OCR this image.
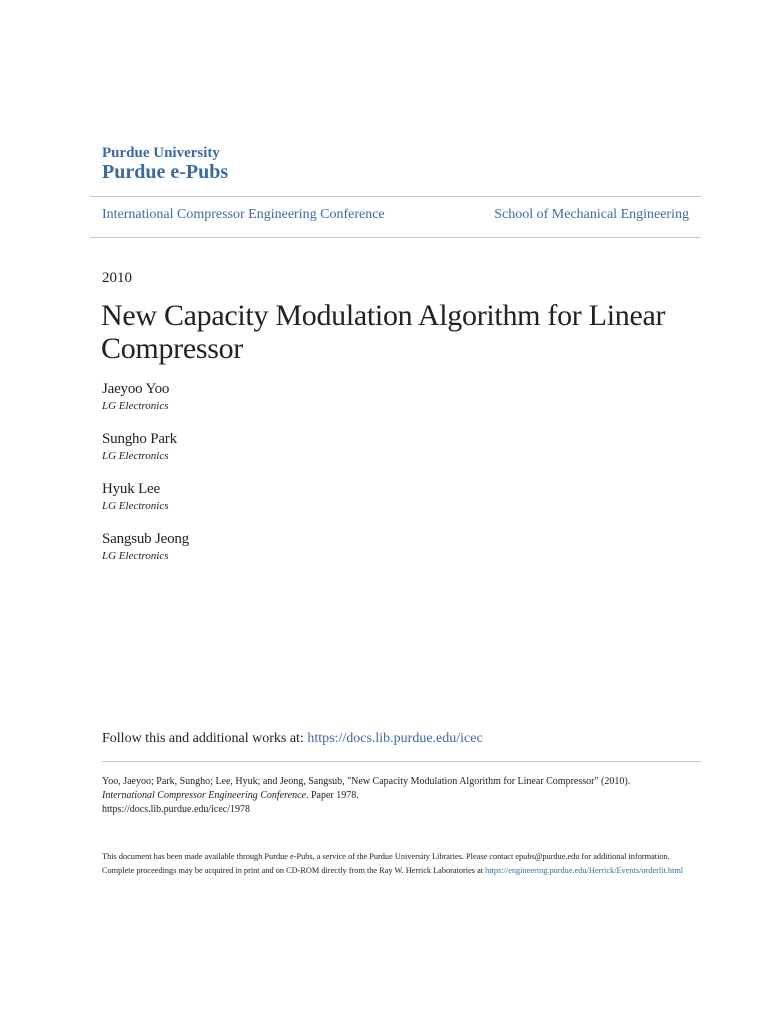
Purdue University
Purdue e-Pubs
International Compressor Engineering Conference	School of Mechanical Engineering
2010
New Capacity Modulation Algorithm for Linear Compressor
Jaeyoo Yoo
LG Electronics
Sungho Park
LG Electronics
Hyuk Lee
LG Electronics
Sangsub Jeong
LG Electronics
Follow this and additional works at: https://docs.lib.purdue.edu/icec
Yoo, Jaeyoo; Park, Sungho; Lee, Hyuk; and Jeong, Sangsub, "New Capacity Modulation Algorithm for Linear Compressor" (2010).
International Compressor Engineering Conference. Paper 1978.
https://docs.lib.purdue.edu/icec/1978
This document has been made available through Purdue e-Pubs, a service of the Purdue University Libraries. Please contact epubs@purdue.edu for additional information.
Complete proceedings may be acquired in print and on CD-ROM directly from the Ray W. Herrick Laboratories at https://engineering.purdue.edu/Herrick/Events/orderlit.html
